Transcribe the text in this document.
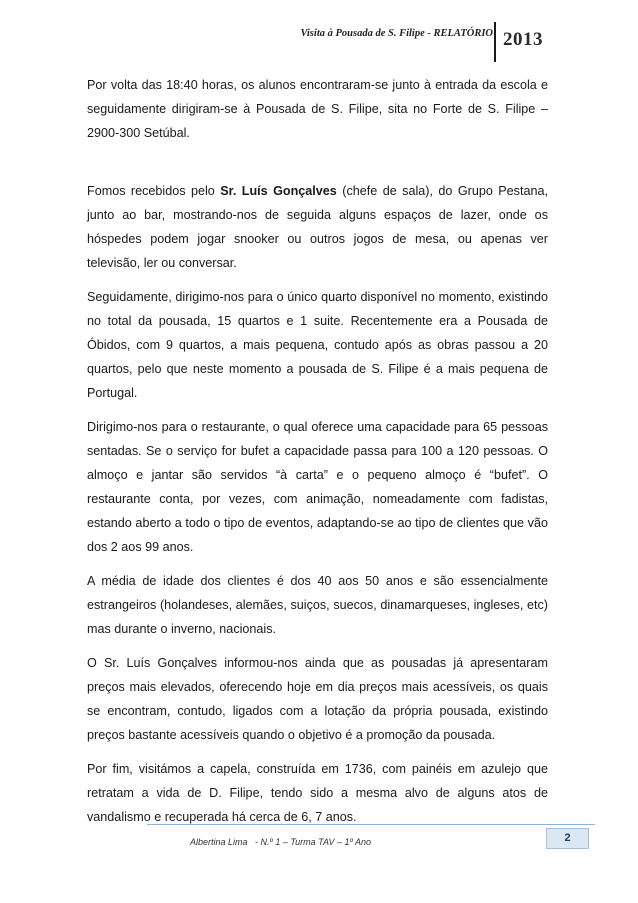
Visita à Pousada de S. Filipe - RELATÓRIO 2013

Por volta das 18:40 horas, os alunos encontraram-se junto à entrada da escola e seguidamente dirigiram-se à Pousada de S. Filipe, sita no Forte de S. Filipe – 2900-300 Setúbal.

Fomos recebidos pelo Sr. Luís Gonçalves (chefe de sala), do Grupo Pestana, junto ao bar, mostrando-nos de seguida alguns espaços de lazer, onde os hóspedes podem jogar snooker ou outros jogos de mesa, ou apenas ver televisão, ler ou conversar.

Seguidamente, dirigimo-nos para o único quarto disponível no momento, existindo no total da pousada, 15 quartos e 1 suite. Recentemente era a Pousada de Óbidos, com 9 quartos, a mais pequena, contudo após as obras passou a 20 quartos, pelo que neste momento a pousada de S. Filipe é a mais pequena de Portugal.

Dirigimo-nos para o restaurante, o qual oferece uma capacidade para 65 pessoas sentadas. Se o serviço for bufet a capacidade passa para 100 a 120 pessoas. O almoço e jantar são servidos “à carta” e o pequeno almoço é “bufet”. O restaurante conta, por vezes, com animação, nomeadamente com fadistas, estando aberto a todo o tipo de eventos, adaptando-se ao tipo de clientes que vão dos 2 aos 99 anos.

A média de idade dos clientes é dos 40 aos 50 anos e são essencialmente estrangeiros (holandeses, alemães, suiços, suecos, dinamarqueses, ingleses, etc) mas durante o inverno, nacionais.

O Sr. Luís Gonçalves informou-nos ainda que as pousadas já apresentaram preços mais elevados, oferecendo hoje em dia preços mais acessíveis, os quais se encontram, contudo, ligados com a lotação da própria pousada, existindo preços bastante acessíveis quando o objetivo é a promoção da pousada.

Por fim, visitámos a capela, construída em 1736, com painéis em azulejo que retratam a vida de D. Filipe, tendo sido a mesma alvo de alguns atos de vandalismo e recuperada há cerca de 6, 7 anos.

Albertina Lima   - N.º 1 – Turma TAV – 1º Ano	2
